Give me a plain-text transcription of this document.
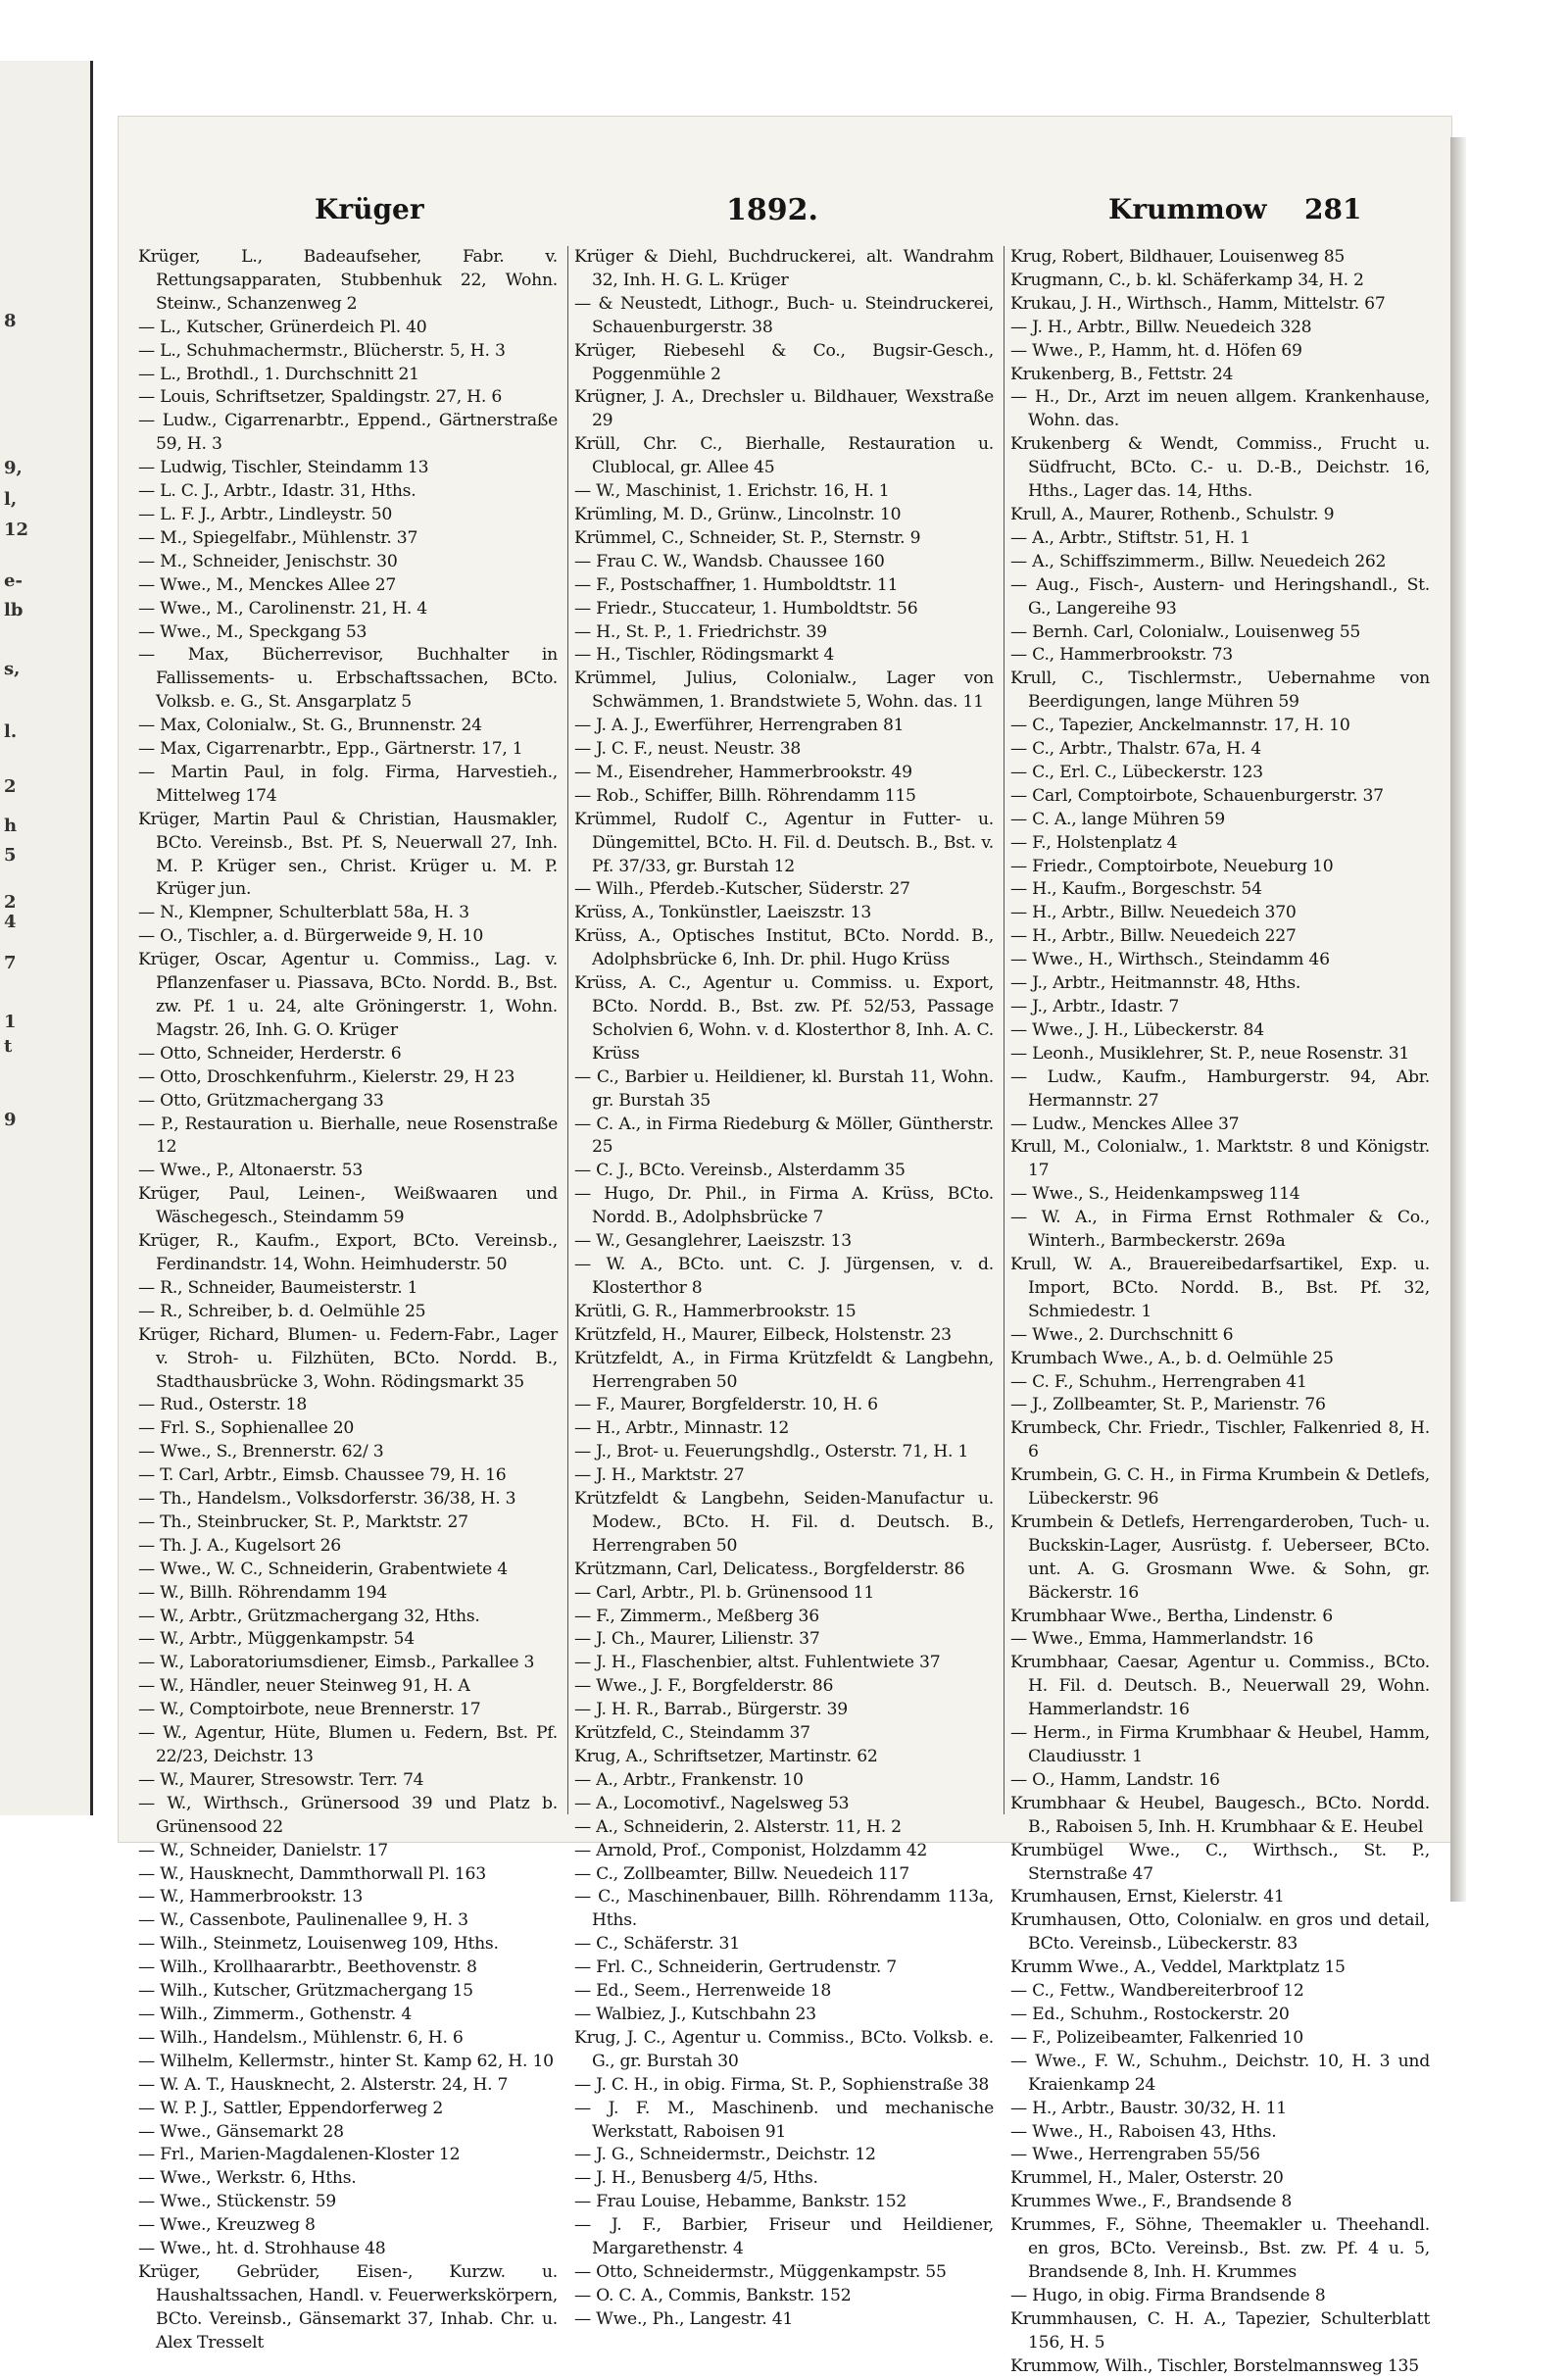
8
9,
l,
12
e-
lb
s,
l.
2
h
5
2
4
7
1
t
9
Krüger	1892.	Krummow 281

Krüger, L., Badeaufseher, Fabr. v. Rettungsapparaten, Stubbenhuk 22, Wohn. Steinw., Schanzenweg 2

— L., Kutscher, Grünerdeich Pl. 40

— L., Schuhmachermstr., Blücherstr. 5, H. 3

— L., Brothdl., 1. Durchschnitt 21

— Louis, Schriftsetzer, Spaldingstr. 27, H. 6

— Ludw., Cigarrenarbtr., Eppend., Gärtnerstraße 59, H. 3

— Ludwig, Tischler, Steindamm 13

— L. C. J., Arbtr., Idastr. 31, Hths.

— L. F. J., Arbtr., Lindleystr. 50

— M., Spiegelfabr., Mühlenstr. 37

— M., Schneider, Jenischstr. 30

— Wwe., M., Menckes Allee 27

— Wwe., M., Carolinenstr. 21, H. 4

— Wwe., M., Speckgang 53

— Max, Bücherrevisor, Buchhalter in Fallissements- u. Erbschaftssachen, BCto. Volksb. e. G., St. Ansgarplatz 5

— Max, Colonialw., St. G., Brunnenstr. 24

— Max, Cigarrenarbtr., Epp., Gärtnerstr. 17, 1

— Martin Paul, in folg. Firma, Harvestieh., Mittelweg 174

Krüger, Martin Paul & Christian, Hausmakler, BCto. Vereinsb., Bst. Pf. S, Neuerwall 27, Inh. M. P. Krüger sen., Christ. Krüger u. M. P. Krüger jun.

— N., Klempner, Schulterblatt 58a, H. 3

— O., Tischler, a. d. Bürgerweide 9, H. 10

Krüger, Oscar, Agentur u. Commiss., Lag. v. Pflanzenfaser u. Piassava, BCto. Nordd. B., Bst. zw. Pf. 1 u. 24, alte Gröningerstr. 1, Wohn. Magstr. 26, Inh. G. O. Krüger

— Otto, Schneider, Herderstr. 6

— Otto, Droschkenfuhrm., Kielerstr. 29, H 23

— Otto, Grützmachergang 33

— P., Restauration u. Bierhalle, neue Rosenstraße 12

— Wwe., P., Altonaerstr. 53

Krüger, Paul, Leinen-, Weißwaaren und Wäschegesch., Steindamm 59

Krüger, R., Kaufm., Export, BCto. Vereinsb., Ferdinandstr. 14, Wohn. Heimhuderstr. 50

— R., Schneider, Baumeisterstr. 1

— R., Schreiber, b. d. Oelmühle 25

Krüger, Richard, Blumen- u. Federn-Fabr., Lager v. Stroh- u. Filzhüten, BCto. Nordd. B., Stadthausbrücke 3, Wohn. Rödingsmarkt 35

— Rud., Osterstr. 18

— Frl. S., Sophienallee 20

— Wwe., S., Brennerstr. 62/ 3

— T. Carl, Arbtr., Eimsb. Chaussee 79, H. 16

— Th., Handelsm., Volksdorferstr. 36/38, H. 3

— Th., Steinbrucker, St. P., Marktstr. 27

— Th. J. A., Kugelsort 26

— Wwe., W. C., Schneiderin, Grabentwiete 4

— W., Billh. Röhrendamm 194

— W., Arbtr., Grützmachergang 32, Hths.

— W., Arbtr., Müggenkampstr. 54

— W., Laboratoriumsdiener, Eimsb., Parkallee 3

— W., Händler, neuer Steinweg 91, H. A

— W., Comptoirbote, neue Brennerstr. 17

— W., Agentur, Hüte, Blumen u. Federn, Bst. Pf. 22/23, Deichstr. 13

— W., Maurer, Stresowstr. Terr. 74

— W., Wirthsch., Grünersood 39 und Platz b. Grünensood 22

— W., Schneider, Danielstr. 17

— W., Hausknecht, Dammthorwall Pl. 163

— W., Hammerbrookstr. 13

— W., Cassenbote, Paulinenallee 9, H. 3

— Wilh., Steinmetz, Louisenweg 109, Hths.

— Wilh., Krollhaararbtr., Beethovenstr. 8

— Wilh., Kutscher, Grützmachergang 15

— Wilh., Zimmerm., Gothenstr. 4

— Wilh., Handelsm., Mühlenstr. 6, H. 6

— Wilhelm, Kellermstr., hinter St. Kamp 62, H. 10

— W. A. T., Hausknecht, 2. Alsterstr. 24, H. 7

— W. P. J., Sattler, Eppendorferweg 2

— Wwe., Gänsemarkt 28

— Frl., Marien-Magdalenen-Kloster 12

— Wwe., Werkstr. 6, Hths.

— Wwe., Stückenstr. 59

— Wwe., Kreuzweg 8

— Wwe., ht. d. Strohhause 48

Krüger, Gebrüder, Eisen-, Kurzw. u. Haushaltssachen, Handl. v. Feuerwerkskörpern, BCto. Vereinsb., Gänsemarkt 37, Inhab. Chr. u. Alex Tresselt

Krüger & Diehl, Buchdruckerei, alt. Wandrahm 32, Inh. H. G. L. Krüger

— & Neustedt, Lithogr., Buch- u. Steindruckerei, Schauenburgerstr. 38

Krüger, Riebesehl & Co., Bugsir-Gesch., Poggenmühle 2

Krügner, J. A., Drechsler u. Bildhauer, Wexstraße 29

Krüll, Chr. C., Bierhalle, Restauration u. Clublocal, gr. Allee 45

— W., Maschinist, 1. Erichstr. 16, H. 1

Krümling, M. D., Grünw., Lincolnstr. 10

Krümmel, C., Schneider, St. P., Sternstr. 9

— Frau C. W., Wandsb. Chaussee 160

— F., Postschaffner, 1. Humboldtstr. 11

— Friedr., Stuccateur, 1. Humboldtstr. 56

— H., St. P., 1. Friedrichstr. 39

— H., Tischler, Rödingsmarkt 4

Krümmel, Julius, Colonialw., Lager von Schwämmen, 1. Brandstwiete 5, Wohn. das. 11

— J. A. J., Ewerführer, Herrengraben 81

— J. C. F., neust. Neustr. 38

— M., Eisendreher, Hammerbrookstr. 49

— Rob., Schiffer, Billh. Röhrendamm 115

Krümmel, Rudolf C., Agentur in Futter- u. Düngemittel, BCto. H. Fil. d. Deutsch. B., Bst. v. Pf. 37/33, gr. Burstah 12

— Wilh., Pferdeb.-Kutscher, Süderstr. 27

Krüss, A., Tonkünstler, Laeiszstr. 13

Krüss, A., Optisches Institut, BCto. Nordd. B., Adolphsbrücke 6, Inh. Dr. phil. Hugo Krüss

Krüss, A. C., Agentur u. Commiss. u. Export, BCto. Nordd. B., Bst. zw. Pf. 52/53, Passage Scholvien 6, Wohn. v. d. Klosterthor 8, Inh. A. C. Krüss

— C., Barbier u. Heildiener, kl. Burstah 11, Wohn. gr. Burstah 35

— C. A., in Firma Riedeburg & Möller, Güntherstr. 25

— C. J., BCto. Vereinsb., Alsterdamm 35

— Hugo, Dr. Phil., in Firma A. Krüss, BCto. Nordd. B., Adolphsbrücke 7

— W., Gesanglehrer, Laeiszstr. 13

— W. A., BCto. unt. C. J. Jürgensen, v. d. Klosterthor 8

Krütli, G. R., Hammerbrookstr. 15

Krützfeld, H., Maurer, Eilbeck, Holstenstr. 23

Krützfeldt, A., in Firma Krützfeldt & Langbehn, Herrengraben 50

— F., Maurer, Borgfelderstr. 10, H. 6

— H., Arbtr., Minnastr. 12

— J., Brot- u. Feuerungshdlg., Osterstr. 71, H. 1

— J. H., Marktstr. 27

Krützfeldt & Langbehn, Seiden-Manufactur u. Modew., BCto. H. Fil. d. Deutsch. B., Herrengraben 50

Krützmann, Carl, Delicatess., Borgfelderstr. 86

— Carl, Arbtr., Pl. b. Grünensood 11

— F., Zimmerm., Meßberg 36

— J. Ch., Maurer, Lilienstr. 37

— J. H., Flaschenbier, altst. Fuhlentwiete 37

— Wwe., J. F., Borgfelderstr. 86

— J. H. R., Barrab., Bürgerstr. 39

Krützfeld, C., Steindamm 37

Krug, A., Schriftsetzer, Martinstr. 62

— A., Arbtr., Frankenstr. 10

— A., Locomotivf., Nagelsweg 53

— A., Schneiderin, 2. Alsterstr. 11, H. 2

— Arnold, Prof., Componist, Holzdamm 42

— C., Zollbeamter, Billw. Neuedeich 117

— C., Maschinenbauer, Billh. Röhrendamm 113a, Hths.

— C., Schäferstr. 31

— Frl. C., Schneiderin, Gertrudenstr. 7

— Ed., Seem., Herrenweide 18

— Walbiez, J., Kutschbahn 23

Krug, J. C., Agentur u. Commiss., BCto. Volksb. e. G., gr. Burstah 30

— J. C. H., in obig. Firma, St. P., Sophienstraße 38

— J. F. M., Maschinenb. und mechanische Werkstatt, Raboisen 91

— J. G., Schneidermstr., Deichstr. 12

— J. H., Benusberg 4/5, Hths.

— Frau Louise, Hebamme, Bankstr. 152

— J. F., Barbier, Friseur und Heildiener, Margarethenstr. 4

— Otto, Schneidermstr., Müggenkampstr. 55

— O. C. A., Commis, Bankstr. 152

— Wwe., Ph., Langestr. 41

Krug, Robert, Bildhauer, Louisenweg 85

Krugmann, C., b. kl. Schäferkamp 34, H. 2

Krukau, J. H., Wirthsch., Hamm, Mittelstr. 67

— J. H., Arbtr., Billw. Neuedeich 328

— Wwe., P., Hamm, ht. d. Höfen 69

Krukenberg, B., Fettstr. 24

— H., Dr., Arzt im neuen allgem. Krankenhause, Wohn. das.

Krukenberg & Wendt, Commiss., Frucht u. Südfrucht, BCto. C.- u. D.-B., Deichstr. 16, Hths., Lager das. 14, Hths.

Krull, A., Maurer, Rothenb., Schulstr. 9

— A., Arbtr., Stiftstr. 51, H. 1

— A., Schiffszimmerm., Billw. Neuedeich 262

— Aug., Fisch-, Austern- und Heringshandl., St. G., Langereihe 93

— Bernh. Carl, Colonialw., Louisenweg 55

— C., Hammerbrookstr. 73

Krull, C., Tischlermstr., Uebernahme von Beerdigungen, lange Mühren 59

— C., Tapezier, Anckelmannstr. 17, H. 10

— C., Arbtr., Thalstr. 67a, H. 4

— C., Erl. C., Lübeckerstr. 123

— Carl, Comptoirbote, Schauenburgerstr. 37

— C. A., lange Mühren 59

— F., Holstenplatz 4

— Friedr., Comptoirbote, Neueburg 10

— H., Kaufm., Borgeschstr. 54

— H., Arbtr., Billw. Neuedeich 370

— H., Arbtr., Billw. Neuedeich 227

— Wwe., H., Wirthsch., Steindamm 46

— J., Arbtr., Heitmannstr. 48, Hths.

— J., Arbtr., Idastr. 7

— Wwe., J. H., Lübeckerstr. 84

— Leonh., Musiklehrer, St. P., neue Rosenstr. 31

— Ludw., Kaufm., Hamburgerstr. 94, Abr. Hermannstr. 27

— Ludw., Menckes Allee 37

Krull, M., Colonialw., 1. Marktstr. 8 und Königstr. 17

— Wwe., S., Heidenkampsweg 114

— W. A., in Firma Ernst Rothmaler & Co., Winterh., Barmbeckerstr. 269a

Krull, W. A., Brauereibedarfsartikel, Exp. u. Import, BCto. Nordd. B., Bst. Pf. 32, Schmiedestr. 1

— Wwe., 2. Durchschnitt 6

Krumbach Wwe., A., b. d. Oelmühle 25

— C. F., Schuhm., Herrengraben 41

— J., Zollbeamter, St. P., Marienstr. 76

Krumbeck, Chr. Friedr., Tischler, Falkenried 8, H. 6

Krumbein, G. C. H., in Firma Krumbein & Detlefs, Lübeckerstr. 96

Krumbein & Detlefs, Herrengarderoben, Tuch- u. Buckskin-Lager, Ausrüstg. f. Ueberseer, BCto. unt. A. G. Grosmann Wwe. & Sohn, gr. Bäckerstr. 16

Krumbhaar Wwe., Bertha, Lindenstr. 6

— Wwe., Emma, Hammerlandstr. 16

Krumbhaar, Caesar, Agentur u. Commiss., BCto. H. Fil. d. Deutsch. B., Neuerwall 29, Wohn. Hammerlandstr. 16

— Herm., in Firma Krumbhaar & Heubel, Hamm, Claudiusstr. 1

— O., Hamm, Landstr. 16

Krumbhaar & Heubel, Baugesch., BCto. Nordd. B., Raboisen 5, Inh. H. Krumbhaar & E. Heubel

Krumbügel Wwe., C., Wirthsch., St. P., Sternstraße 47

Krumhausen, Ernst, Kielerstr. 41

Krumhausen, Otto, Colonialw. en gros und detail, BCto. Vereinsb., Lübeckerstr. 83

Krumm Wwe., A., Veddel, Marktplatz 15

— C., Fettw., Wandbereiterbroof 12

— Ed., Schuhm., Rostockerstr. 20

— F., Polizeibeamter, Falkenried 10

— Wwe., F. W., Schuhm., Deichstr. 10, H. 3 und Kraienkamp 24

— H., Arbtr., Baustr. 30/32, H. 11

— Wwe., H., Raboisen 43, Hths.

— Wwe., Herrengraben 55/56

Krummel, H., Maler, Osterstr. 20

Krummes Wwe., F., Brandsende 8

Krummes, F., Söhne, Theemakler u. Theehandl. en gros, BCto. Vereinsb., Bst. zw. Pf. 4 u. 5, Brandsende 8, Inh. H. Krummes

— Hugo, in obig. Firma Brandsende 8

Krummhausen, C. H. A., Tapezier, Schulterblatt 156, H. 5

Krummow, Wilh., Tischler, Borstelmannsweg 135
